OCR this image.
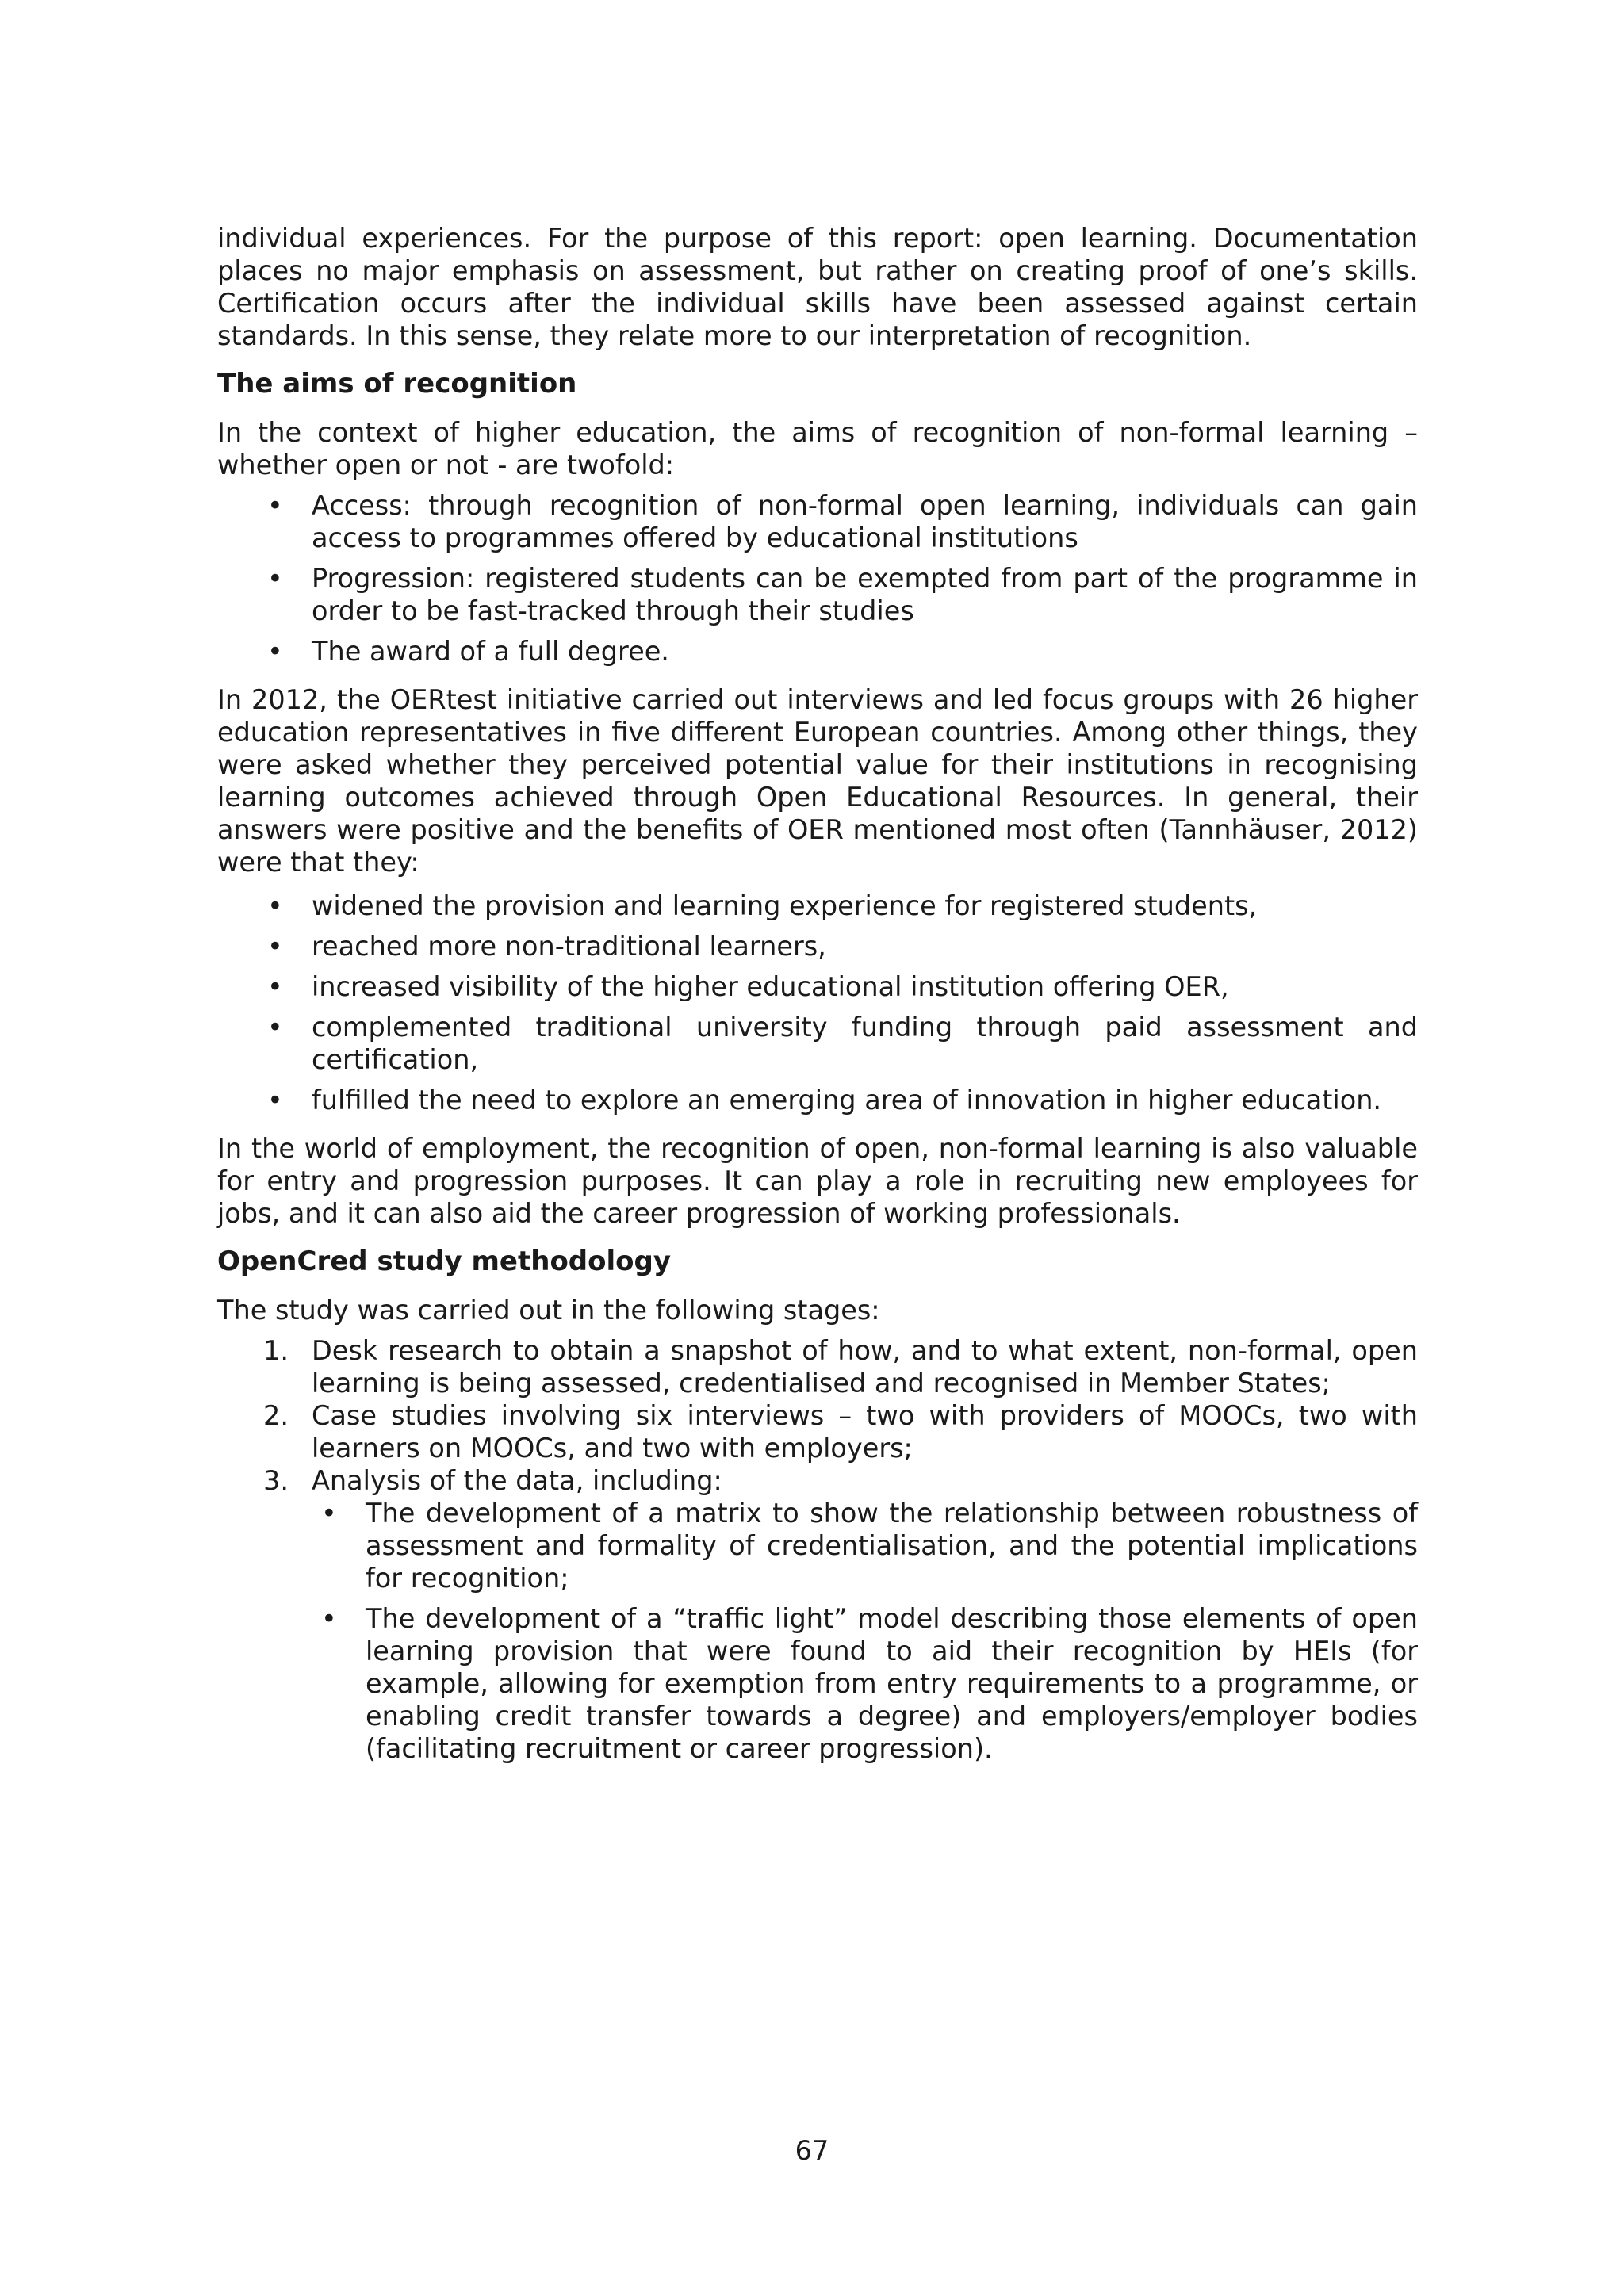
individual experiences. For the purpose of this report: open learning. Documentation places no major emphasis on assessment, but rather on creating proof of one’s skills. Certification occurs after the individual skills have been assessed against certain standards. In this sense, they relate more to our interpretation of recognition.

The aims of recognition

In the context of higher education, the aims of recognition of non-formal learning – whether open or not - are twofold:

• Access: through recognition of non-formal open learning, individuals can gain access to programmes offered by educational institutions
• Progression: registered students can be exempted from part of the programme in order to be fast-tracked through their studies
• The award of a full degree.

In 2012, the OERtest initiative carried out interviews and led focus groups with 26 higher education representatives in five different European countries. Among other things, they were asked whether they perceived potential value for their institutions in recognising learning outcomes achieved through Open Educational Resources. In general, their answers were positive and the benefits of OER mentioned most often (Tannhäuser, 2012) were that they:

• widened the provision and learning experience for registered students,
• reached more non-traditional learners,
• increased visibility of the higher educational institution offering OER,
• complemented traditional university funding through paid assessment and certification,
• fulfilled the need to explore an emerging area of innovation in higher education.

In the world of employment, the recognition of open, non-formal learning is also valuable for entry and progression purposes. It can play a role in recruiting new employees for jobs, and it can also aid the career progression of working professionals.

OpenCred study methodology

The study was carried out in the following stages:

1. Desk research to obtain a snapshot of how, and to what extent, non-formal, open learning is being assessed, credentialised and recognised in Member States;
2. Case studies involving six interviews – two with providers of MOOCs, two with learners on MOOCs, and two with employers;
3. Analysis of the data, including:
• The development of a matrix to show the relationship between robustness of assessment and formality of credentialisation, and the potential implications for recognition;
• The development of a “traffic light” model describing those elements of open learning provision that were found to aid their recognition by HEIs (for example, allowing for exemption from entry requirements to a programme, or enabling credit transfer towards a degree) and employers/employer bodies (facilitating recruitment or career progression).
67
